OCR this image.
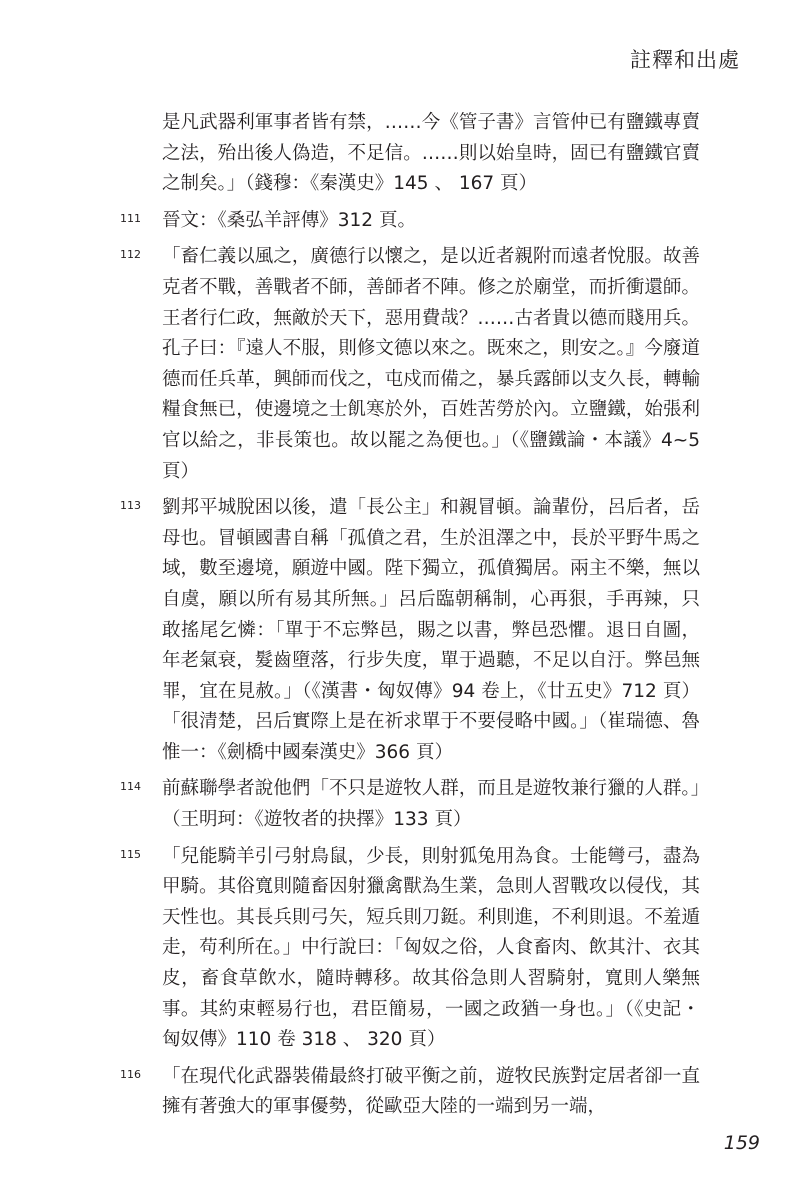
註釋和出處
是凡武器利軍事者皆有禁，……今《管子書》言管仲已有鹽鐵專賣之法，殆出後人偽造，不足信。……則以始皇時，固已有鹽鐵官賣之制矣。」（錢穆：《秦漢史》145 、 167 頁）
111 晉文：《桑弘羊評傳》312 頁。
112 「畜仁義以風之，廣德行以懷之，是以近者親附而遠者悅服。故善克者不戰，善戰者不師，善師者不陣。修之於廟堂，而折衝還師。王者行仁政，無敵於天下，惡用費哉？……古者貴以德而賤用兵。孔子曰：『遠人不服，則修文德以來之。既來之，則安之。』今廢道德而任兵革，興師而伐之，屯戍而備之，暴兵露師以支久長，轉輸糧食無已，使邊境之士飢寒於外，百姓苦勞於內。立鹽鐵，始張利官以給之，非長策也。故以罷之為便也。」（《鹽鐵論・本議》4~5 頁）
113 劉邦平城脫困以後，遣「長公主」和親冒頓。論輩份，呂后者，岳母也。冒頓國書自稱「孤僨之君，生於沮澤之中，長於平野牛馬之域，數至邊境，願遊中國。陛下獨立，孤僨獨居。兩主不樂，無以自虞，願以所有易其所無。」呂后臨朝稱制，心再狠，手再辣，只敢搖尾乞憐：「單于不忘弊邑，賜之以書，弊邑恐懼。退日自圖，年老氣衰，髮齒墮落，行步失度，單于過聽，不足以自汙。弊邑無罪，宜在見赦。」（《漢書・匈奴傳》94 卷上，《廿五史》712 頁）「很清楚，呂后實際上是在祈求單于不要侵略中國。」（崔瑞德、魯惟一：《劍橋中國秦漢史》366 頁）
114 前蘇聯學者說他們「不只是遊牧人群，而且是遊牧兼行獵的人群。」（王明珂：《遊牧者的抉擇》133 頁）
115 「兒能騎羊引弓射鳥鼠，少長，則射狐兔用為食。士能彎弓，盡為甲騎。其俗寬則隨畜因射獵禽獸為生業，急則人習戰攻以侵伐，其天性也。其長兵則弓矢，短兵則刀鋌。利則進，不利則退。不羞遁走，苟利所在。」中行說曰：「匈奴之俗，人食畜肉、飲其汁、衣其皮，畜食草飲水，隨時轉移。故其俗急則人習騎射，寬則人樂無事。其約束輕易行也，君臣簡易，一國之政猶一身也。」（《史記・匈奴傳》110 卷 318 、 320 頁）
116 「在現代化武器裝備最終打破平衡之前，遊牧民族對定居者卻一直擁有著強大的軍事優勢，從歐亞大陸的一端到另一端，
159
